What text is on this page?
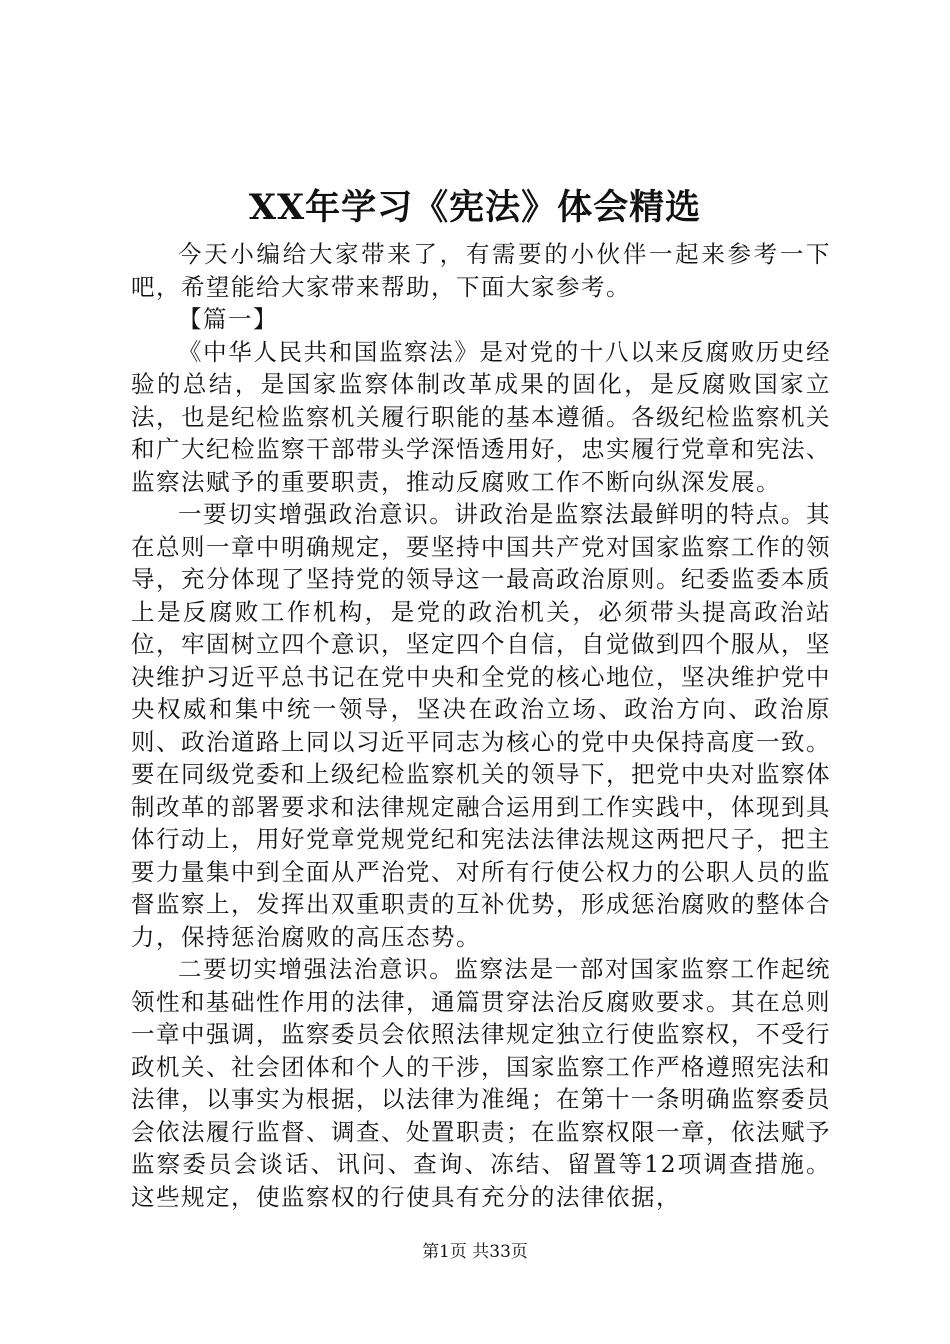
XX年学习《宪法》体会精选

今天小编给大家带来了，有需要的小伙伴一起来参考一下吧，希望能给大家带来帮助，下面大家参考。

【篇一】

《中华人民共和国监察法》是对党的十八以来反腐败历史经验的总结，是国家监察体制改革成果的固化，是反腐败国家立法，也是纪检监察机关履行职能的基本遵循。各级纪检监察机关和广大纪检监察干部带头学深悟透用好，忠实履行党章和宪法、监察法赋予的重要职责，推动反腐败工作不断向纵深发展。

一要切实增强政治意识。讲政治是监察法最鲜明的特点。其在总则一章中明确规定，要坚持中国共产党对国家监察工作的领导，充分体现了坚持党的领导这一最高政治原则。纪委监委本质上是反腐败工作机构，是党的政治机关，必须带头提高政治站位，牢固树立四个意识，坚定四个自信，自觉做到四个服从，坚决维护习近平总书记在党中央和全党的核心地位，坚决维护党中央权威和集中统一领导，坚决在政治立场、政治方向、政治原则、政治道路上同以习近平同志为核心的党中央保持高度一致。要在同级党委和上级纪检监察机关的领导下，把党中央对监察体制改革的部署要求和法律规定融合运用到工作实践中，体现到具体行动上，用好党章党规党纪和宪法法律法规这两把尺子，把主要力量集中到全面从严治党、对所有行使公权力的公职人员的监督监察上，发挥出双重职责的互补优势，形成惩治腐败的整体合力，保持惩治腐败的高压态势。

二要切实增强法治意识。监察法是一部对国家监察工作起统领性和基础性作用的法律，通篇贯穿法治反腐败要求。其在总则一章中强调，监察委员会依照法律规定独立行使监察权，不受行政机关、社会团体和个人的干涉，国家监察工作严格遵照宪法和法律，以事实为根据，以法律为准绳；在第十一条明确监察委员会依法履行监督、调查、处置职责；在监察权限一章，依法赋予监察委员会谈话、讯问、查询、冻结、留置等12项调查措施。这些规定，使监察权的行使具有充分的法律依据，

第1页 共33页
